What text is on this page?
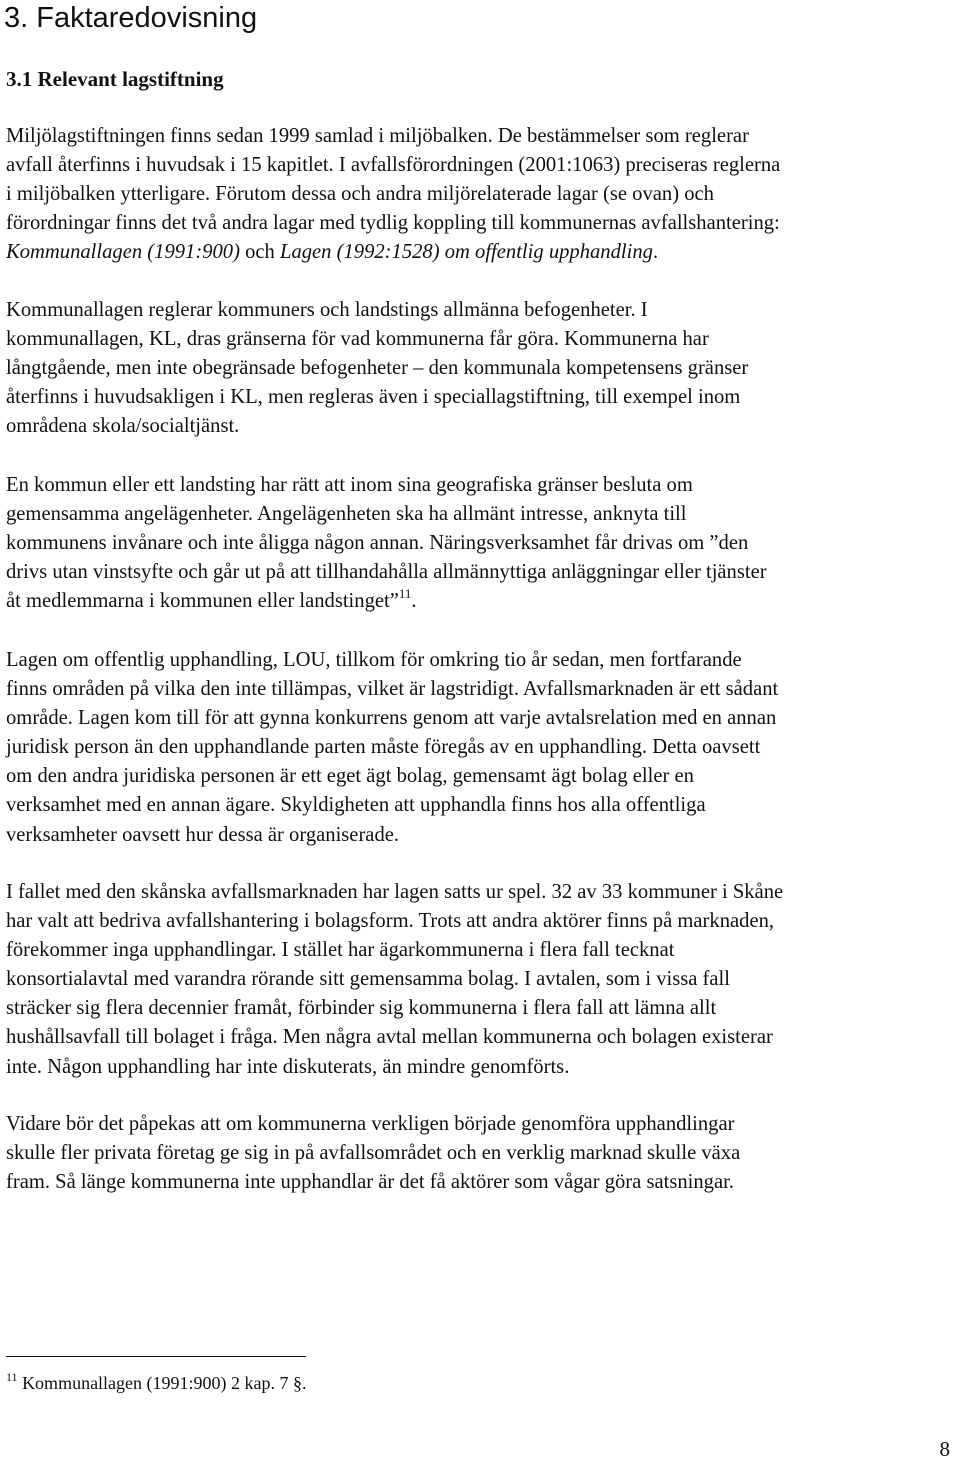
3. Faktaredovisning
3.1 Relevant lagstiftning

Miljölagstiftningen finns sedan 1999 samlad i miljöbalken. De bestämmelser som reglerar
avfall återfinns i huvudsak i 15 kapitlet. I avfallsförordningen (2001:1063) preciseras reglerna
i miljöbalken ytterligare. Förutom dessa och andra miljörelaterade lagar (se ovan) och
förordningar finns det två andra lagar med tydlig koppling till kommunernas avfallshantering:
Kommunallagen (1991:900) och Lagen (1992:1528) om offentlig upphandling.

Kommunallagen reglerar kommuners och landstings allmänna befogenheter. I
kommunallagen, KL, dras gränserna för vad kommunerna får göra. Kommunerna har
långtgående, men inte obegränsade befogenheter – den kommunala kompetensens gränser
återfinns i huvudsakligen i KL, men regleras även i speciallagstiftning, till exempel inom
områdena skola/socialtjänst.

En kommun eller ett landsting har rätt att inom sina geografiska gränser besluta om
gemensamma angelägenheter. Angelägenheten ska ha allmänt intresse, anknyta till
kommunens invånare och inte åligga någon annan. Näringsverksamhet får drivas om ”den
drivs utan vinstsyfte och går ut på att tillhandahålla allmännyttiga anläggningar eller tjänster
åt medlemmarna i kommunen eller landstinget”$^{11}$.

Lagen om offentlig upphandling, LOU, tillkom för omkring tio år sedan, men fortfarande
finns områden på vilka den inte tillämpas, vilket är lagstridigt. Avfallsmarknaden är ett sådant
område. Lagen kom till för att gynna konkurrens genom att varje avtalsrelation med en annan
juridisk person än den upphandlande parten måste föregås av en upphandling. Detta oavsett
om den andra juridiska personen är ett eget ägt bolag, gemensamt ägt bolag eller en
verksamhet med en annan ägare. Skyldigheten att upphandla finns hos alla offentliga
verksamheter oavsett hur dessa är organiserade.

I fallet med den skånska avfallsmarknaden har lagen satts ur spel. 32 av 33 kommuner i Skåne
har valt att bedriva avfallshantering i bolagsform. Trots att andra aktörer finns på marknaden,
förekommer inga upphandlingar. I stället har ägarkommunerna i flera fall tecknat
konsortialavtal med varandra rörande sitt gemensamma bolag. I avtalen, som i vissa fall
sträcker sig flera decennier framåt, förbinder sig kommunerna i flera fall att lämna allt
hushållsavfall till bolaget i fråga. Men några avtal mellan kommunerna och bolagen existerar
inte. Någon upphandling har inte diskuterats, än mindre genomförts.

Vidare bör det påpekas att om kommunerna verkligen började genomföra upphandlingar
skulle fler privata företag ge sig in på avfallsområdet och en verklig marknad skulle växa
fram. Så länge kommunerna inte upphandlar är det få aktörer som vågar göra satsningar.

$^{11}$ Kommunallagen (1991:900) 2 kap. 7 §.

8
